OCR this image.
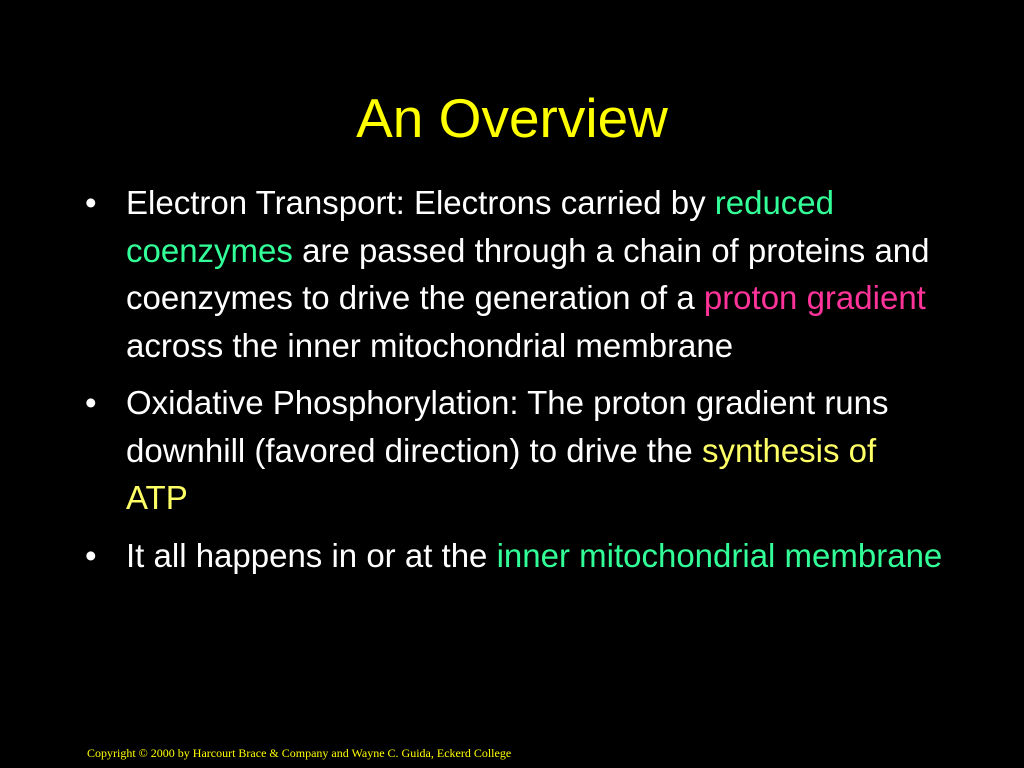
An Overview
• Electron Transport: Electrons carried by reduced coenzymes are passed through a chain of proteins and coenzymes to drive the generation of a proton gradient across the inner mitochondrial membrane
• Oxidative Phosphorylation: The proton gradient runs downhill (favored direction) to drive the synthesis of ATP
• It all happens in or at the inner mitochondrial membrane
Copyright © 2000 by Harcourt Brace & Company and Wayne C. Guida, Eckerd College
